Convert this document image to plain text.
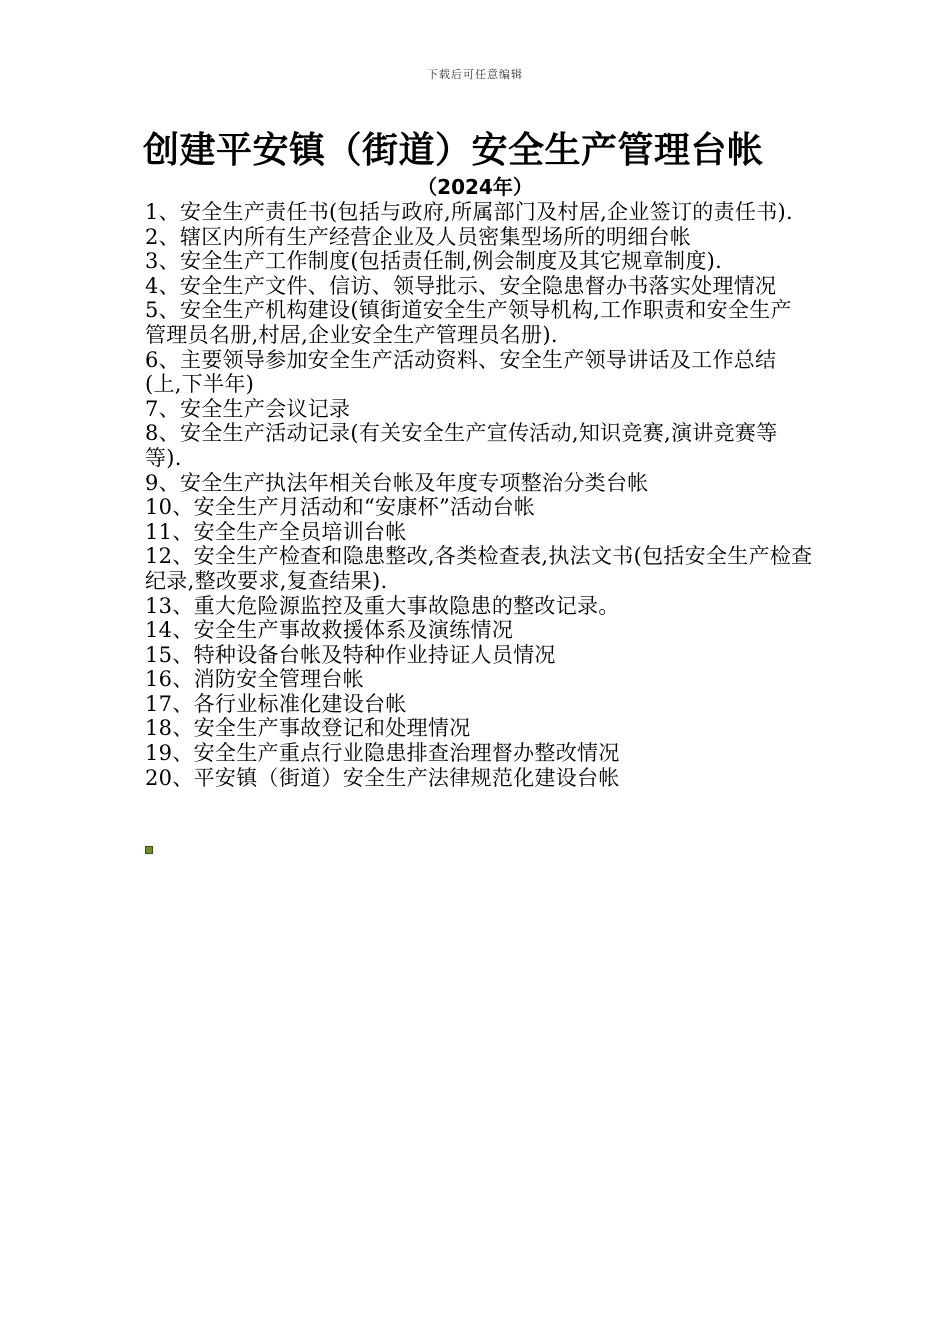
下载后可任意编辑
创建平安镇（街道）安全生产管理台帐
（2024年）
1、安全生产责任书(包括与政府,所属部门及村居,企业签订的责任书).
2、辖区内所有生产经营企业及人员密集型场所的明细台帐
3、安全生产工作制度(包括责任制,例会制度及其它规章制度).
4、安全生产文件、信访、领导批示、安全隐患督办书落实处理情况
5、安全生产机构建设(镇街道安全生产领导机构,工作职责和安全生产管理员名册,村居,企业安全生产管理员名册).
6、主要领导参加安全生产活动资料、安全生产领导讲话及工作总结(上,下半年)
7、安全生产会议记录
8、安全生产活动记录(有关安全生产宣传活动,知识竞赛,演讲竞赛等等).
9、安全生产执法年相关台帐及年度专项整治分类台帐
10、安全生产月活动和“安康杯”活动台帐
11、安全生产全员培训台帐
12、安全生产检查和隐患整改,各类检查表,执法文书(包括安全生产检查纪录,整改要求,复查结果).
13、重大危险源监控及重大事故隐患的整改记录。
14、安全生产事故救援体系及演练情况
15、特种设备台帐及特种作业持证人员情况
16、消防安全管理台帐
17、各行业标准化建设台帐
18、安全生产事故登记和处理情况
19、安全生产重点行业隐患排查治理督办整改情况
20、平安镇（街道）安全生产法律规范化建设台帐
